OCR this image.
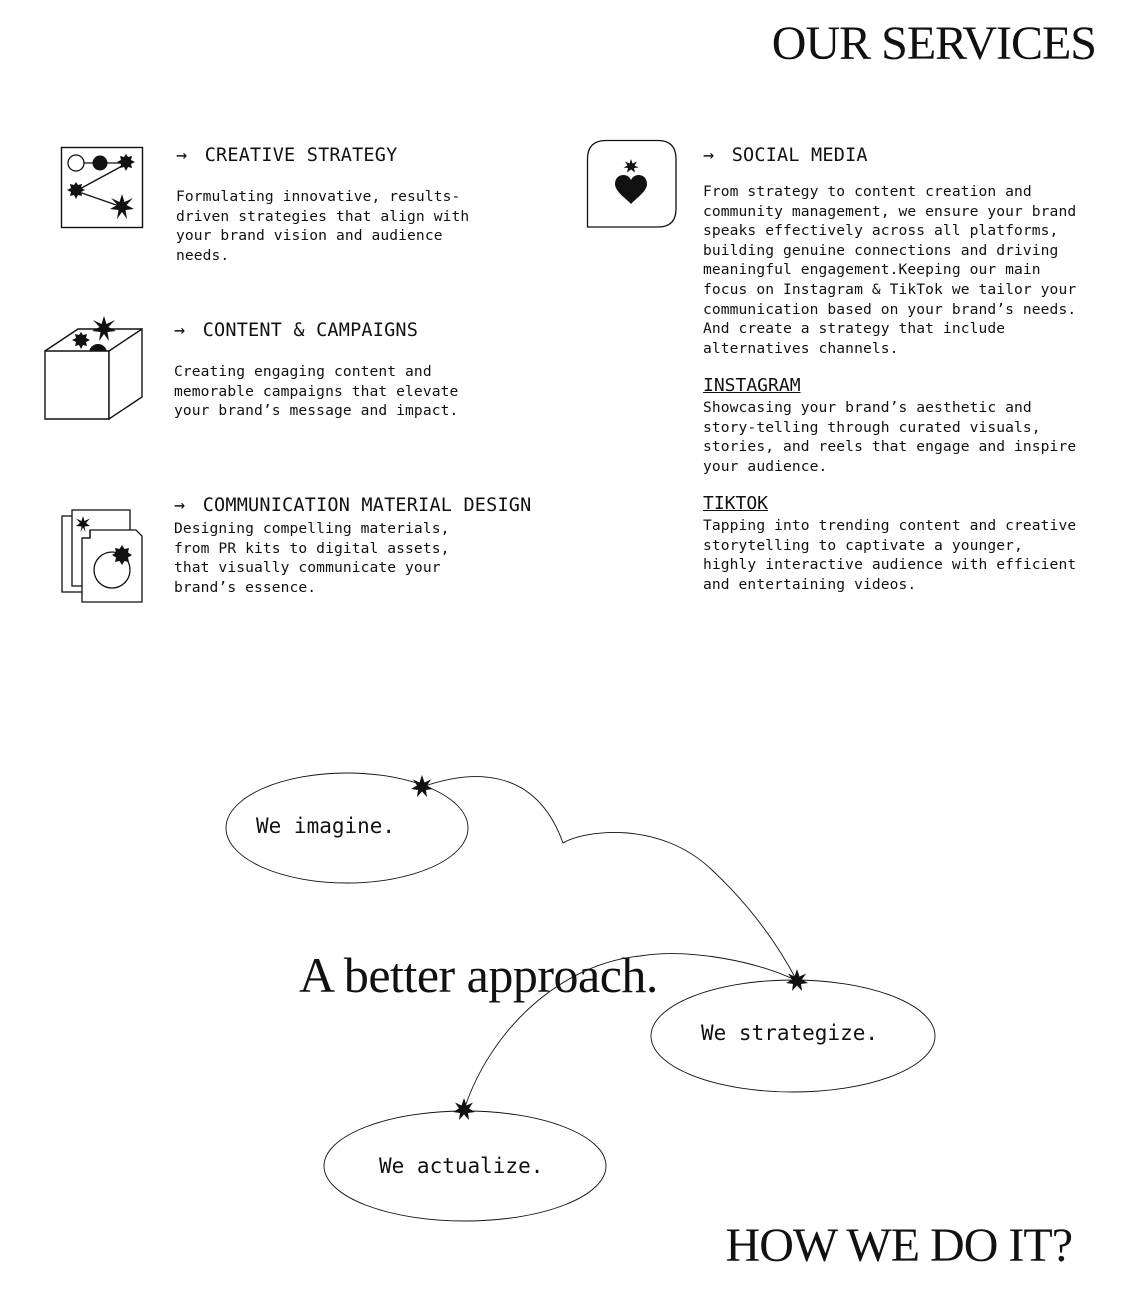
OUR SERVICES
→ CREATIVE STRATEGY
Formulating innovative, results-
driven strategies that align with
your brand vision and audience
needs.
→ CONTENT & CAMPAIGNS
Creating engaging content and
memorable campaigns that elevate
your brand’s message and impact.
→ COMMUNICATION MATERIAL DESIGN
Designing compelling materials,
from PR kits to digital assets,
that visually communicate your
brand’s essence.
→ SOCIAL MEDIA
From strategy to content creation and
community management, we ensure your brand
speaks effectively across all platforms,
building genuine connections and driving
meaningful engagement.Keeping our main
focus on Instagram & TikTok we tailor your
communication based on your brand’s needs.
And create a strategy that include
alternatives channels.
INSTAGRAM
Showcasing your brand’s aesthetic and
story-telling through curated visuals,
stories, and reels that engage and inspire
your audience.
TIKTOK
Tapping into trending content and creative
storytelling to captivate a younger,
highly interactive audience with efficient
and entertaining videos.
We imagine.
We strategize.
We actualize.
A better approach.
HOW WE DO IT?
